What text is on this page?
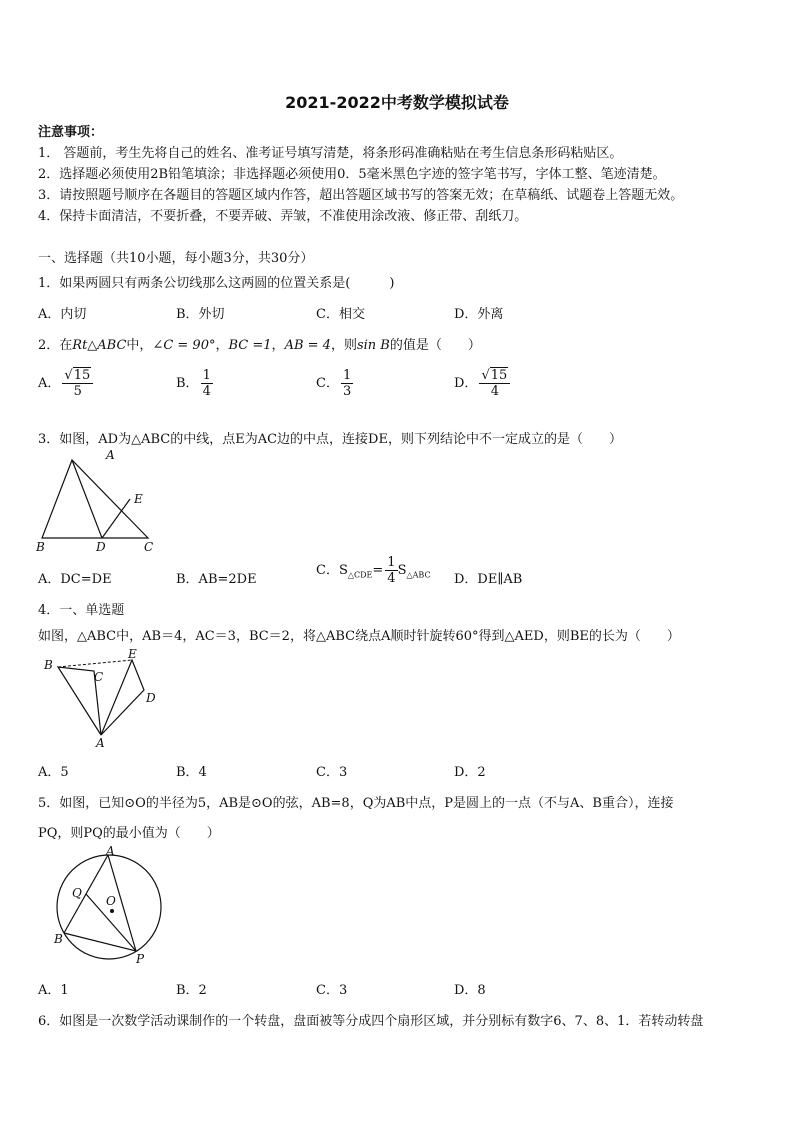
2021-2022中考数学模拟试卷
注意事项：
1． 答题前，考生先将自己的姓名、准考证号填写清楚，将条形码准确粘贴在考生信息条形码粘贴区。
2．选择题必须使用2B铅笔填涂；非选择题必须使用0．5毫米黑色字迹的签字笔书写，字体工整、笔迹清楚。
3．请按照题号顺序在各题目的答题区域内作答，超出答题区域书写的答案无效；在草稿纸、试题卷上答题无效。
4．保持卡面清洁，不要折叠，不要弄破、弄皱，不准使用涂改液、修正带、刮纸刀。
一、选择题（共10小题，每小题3分，共30分）
1．如果两圆只有两条公切线那么这两圆的位置关系是(　　　)
A．内切	B．外切	C．相交	D．外离
2．在Rt△ABC中，∠C = 90°，BC =1，AB = 4，则sin B的值是（　　）
A． √ $\frac{15}{5}$	B． $\frac{1}{4}$	C． $\frac{1}{3}$	D． √ $\frac{15}{4}$
3．如图，AD为△ABC的中线，点E为AC边的中点，连接DE，则下列结论中不一定成立的是（　　）
A
B	D	C
E
A．DC=DE	B．AB=2DE
C．$S_{\triangle CDE}= \frac{1}{4} S_{\triangle ABC}$ D．DE∥AB
4．一、单选题
如图，△ABC中，AB＝4，AC＝3，BC＝2，将△ABC绕点A顺时针旋转60°得到△AED，则BE的长为（　　）
B
C
E
D
A
A．5	B．4	C．3	D．2
5．如图，已知⊙O的半径为5，AB是⊙O的弦，AB=8，Q为AB中点，P是圆上的一点（不与A、B重合），连接
PQ，则PQ的最小值为（　　）
A
Q
O
B
P
A．1	B．2	C．3	D．8
6．如图是一次数学活动课制作的一个转盘，盘面被等分成四个扇形区域，并分别标有数字6、7、8、1．若转动转盘
